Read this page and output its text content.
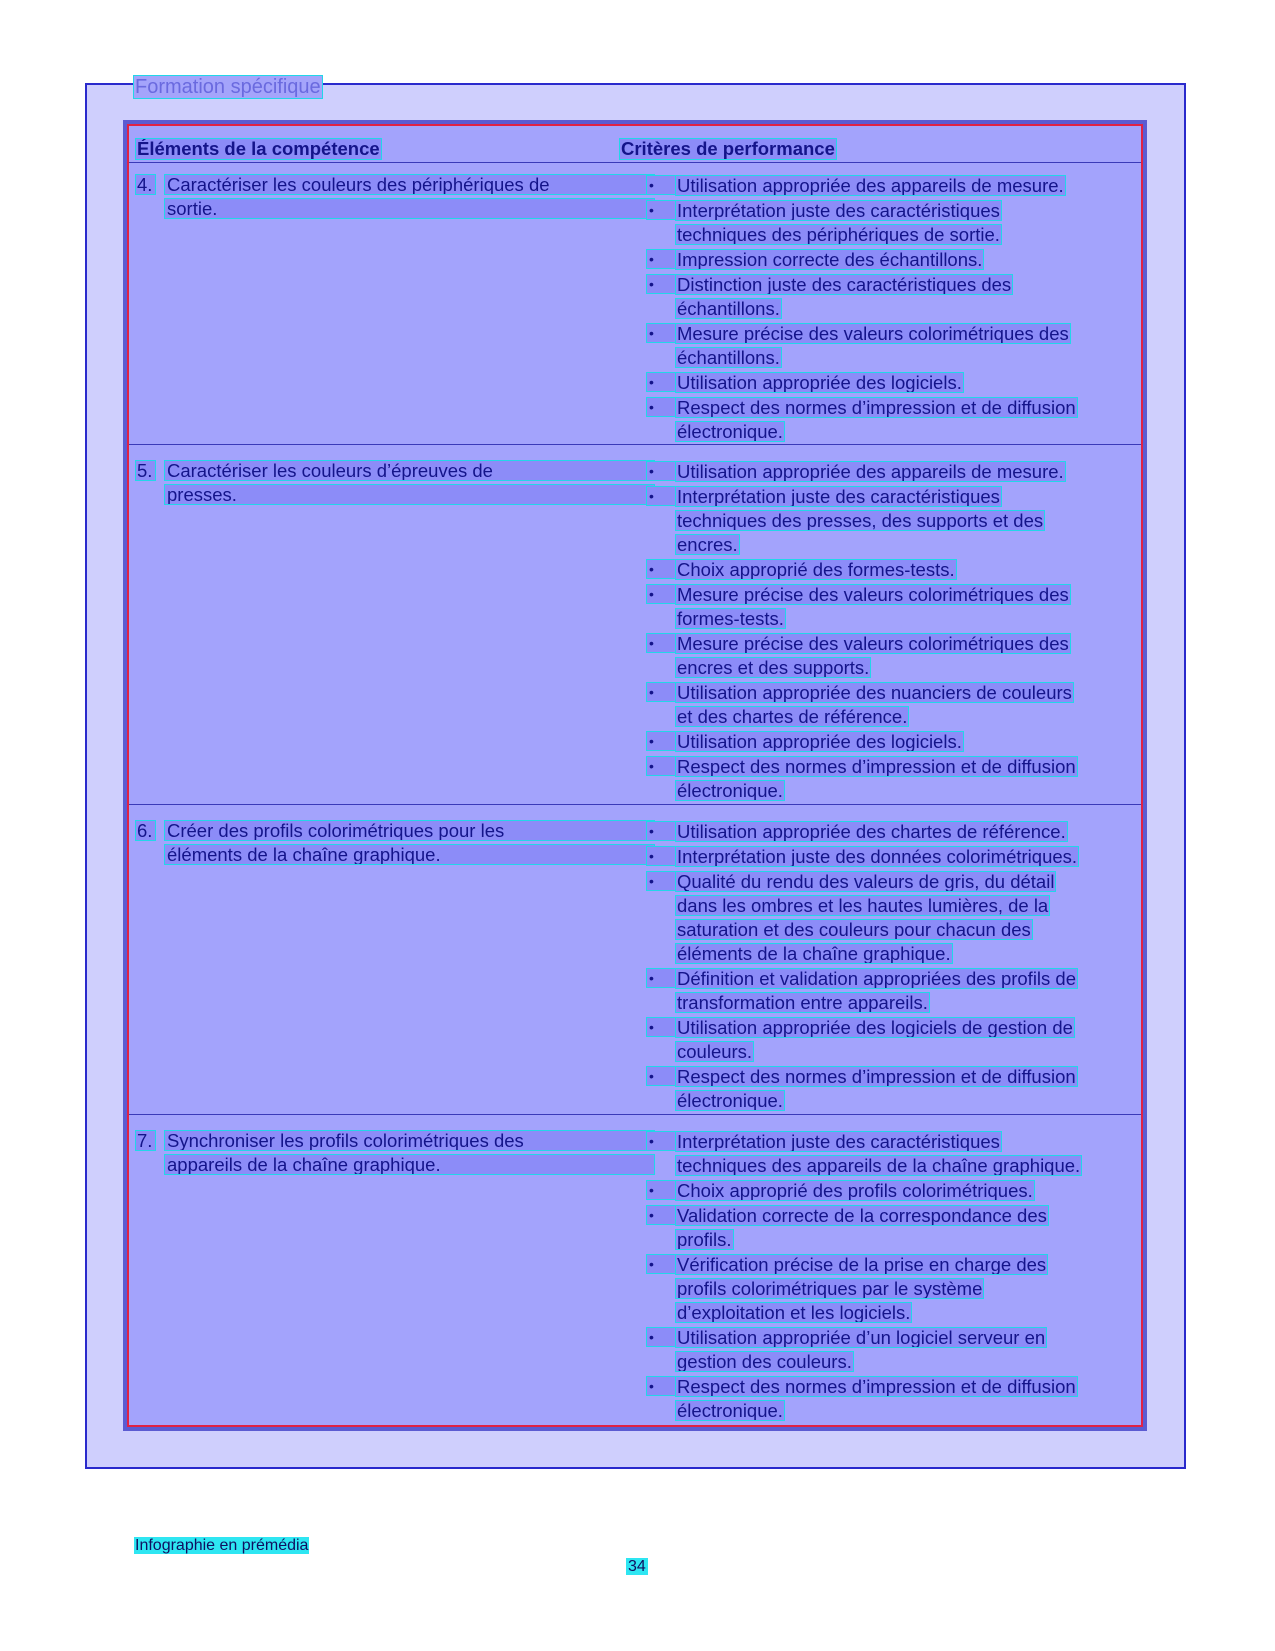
Formation spécifique
Éléments de la compétence	Critères de performance
4. Caractériser les couleurs des périphériques de
sortie.
•	Utilisation appropriée des appareils de mesure.
•	Interprétation juste des caractéristiques
techniques des périphériques de sortie.
•	Impression correcte des échantillons.
•	Distinction juste des caractéristiques des
échantillons.
•	Mesure précise des valeurs colorimétriques des
échantillons.
•	Utilisation appropriée des logiciels.
•	Respect des normes d’impression et de diffusion
électronique.
5. Caractériser les couleurs d’épreuves de
presses.
•	Utilisation appropriée des appareils de mesure.
•	Interprétation juste des caractéristiques
techniques des presses, des supports et des
encres.
•	Choix approprié des formes-tests.
•	Mesure précise des valeurs colorimétriques des
formes-tests.
•	Mesure précise des valeurs colorimétriques des
encres et des supports.
•	Utilisation appropriée des nuanciers de couleurs
et des chartes de référence.
•	Utilisation appropriée des logiciels.
•	Respect des normes d’impression et de diffusion
électronique.
6. Créer des profils colorimétriques pour les
éléments de la chaîne graphique.
•	Utilisation appropriée des chartes de référence.
•	Interprétation juste des données colorimétriques.
•	Qualité du rendu des valeurs de gris, du détail
dans les ombres et les hautes lumières, de la
saturation et des couleurs pour chacun des
éléments de la chaîne graphique.
•	Définition et validation appropriées des profils de
transformation entre appareils.
•	Utilisation appropriée des logiciels de gestion de
couleurs.
•	Respect des normes d’impression et de diffusion
électronique.
7. Synchroniser les profils colorimétriques des
appareils de la chaîne graphique.
•	Interprétation juste des caractéristiques
techniques des appareils de la chaîne graphique.
•	Choix approprié des profils colorimétriques.
•	Validation correcte de la correspondance des
profils.
•	Vérification précise de la prise en charge des
profils colorimétriques par le système
d’exploitation et les logiciels.
•	Utilisation appropriée d’un logiciel serveur en
gestion des couleurs.
•	Respect des normes d’impression et de diffusion
électronique.
Infographie en prémédia
34
